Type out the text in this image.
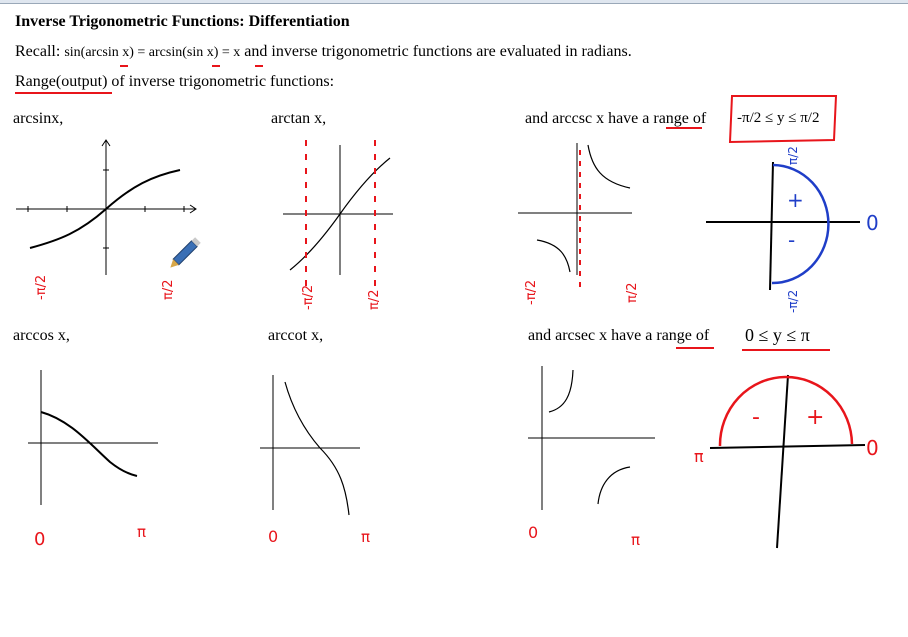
Inverse Trigonometric Functions: Differentiation
Recall: sin(arcsin x) = arcsin(sin x) = x and inverse trigonometric functions are evaluated in radians.
Range(output) of inverse trigonometric functions:
arcsinx,	arctan x,	and arccsc x have a range of -π/2 ≤ y ≤ π/2
arccos x,	arccot x,	and arcsec x have a range of 0 ≤ y ≤ π
-π/2	π/2	-π/2	π/2	-π/2	π/2
π/2
-π/2
+
-
0
0	π	0	π	0	π
π	0
- +
